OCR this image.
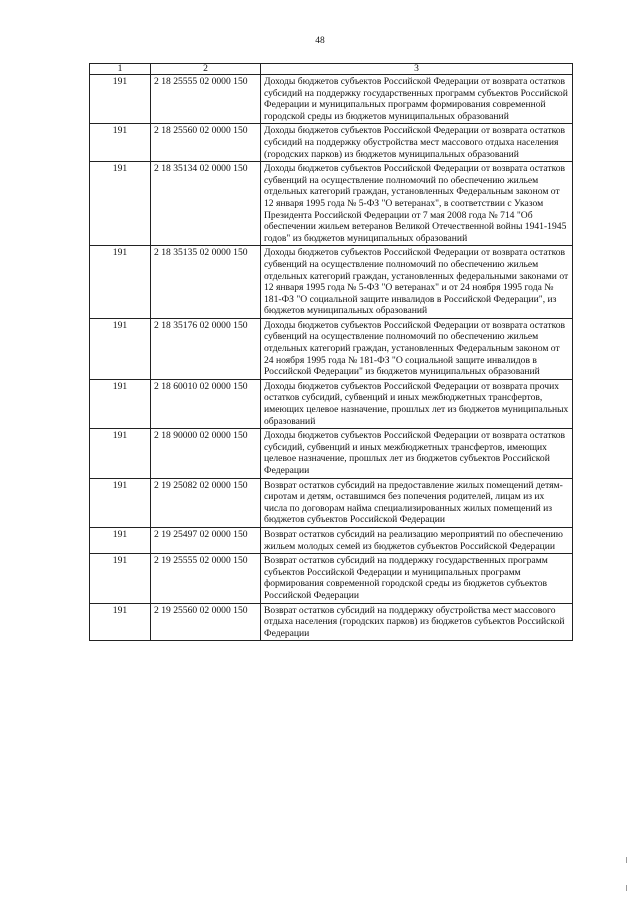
48
1	2	3
191	2 18 25555 02 0000 150	Доходы бюджетов субъектов Российской Федерации от возврата остатков субсидий на поддержку государственных программ субъектов Российской Федерации и муниципальных программ формирования современной городской среды из бюджетов муниципальных образований
191	2 18 25560 02 0000 150	Доходы бюджетов субъектов Российской Федерации от возврата остатков субсидий на поддержку обустройства мест массового отдыха населения (городских парков) из бюджетов муниципальных образований
191	2 18 35134 02 0000 150	Доходы бюджетов субъектов Российской Федерации от возврата остатков субвенций на осуществление полномочий по обеспечению жильем отдельных категорий граждан, установленных Федеральным законом от 12 января 1995 года № 5-ФЗ "О ветеранах", в соответствии с Указом Президента Российской Федерации от 7 мая 2008 года № 714 "Об обеспечении жильем ветеранов Великой Отечественной войны 1941-1945 годов" из бюджетов муниципальных образований
191	2 18 35135 02 0000 150	Доходы бюджетов субъектов Российской Федерации от возврата остатков субвенций на осуществление полномочий по обеспечению жильем отдельных категорий граждан, установленных федеральными законами от 12 января 1995 года № 5-ФЗ "О ветеранах" и от 24 ноября 1995 года № 181-ФЗ "О социальной защите инвалидов в Российской Федерации", из бюджетов муниципальных образований
191	2 18 35176 02 0000 150	Доходы бюджетов субъектов Российской Федерации от возврата остатков субвенций на осуществление полномочий по обеспечению жильем отдельных категорий граждан, установленных Федеральным законом от 24 ноября 1995 года № 181-ФЗ "О социальной защите инвалидов в Российской Федерации" из бюджетов муниципальных образований
191	2 18 60010 02 0000 150	Доходы бюджетов субъектов Российской Федерации от возврата прочих остатков субсидий, субвенций и иных межбюджетных трансфертов, имеющих целевое назначение, прошлых лет из бюджетов муниципальных образований
191	2 18 90000 02 0000 150	Доходы бюджетов субъектов Российской Федерации от возврата остатков субсидий, субвенций и иных межбюджетных трансфертов, имеющих целевое назначение, прошлых лет из бюджетов субъектов Российской Федерации
191	2 19 25082 02 0000 150	Возврат остатков субсидий на предоставление жилых помещений детям-сиротам и детям, оставшимся без попечения родителей, лицам из их числа по договорам найма специализированных жилых помещений из бюджетов субъектов Российской Федерации
191	2 19 25497 02 0000 150	Возврат остатков субсидий на реализацию мероприятий по обеспечению жильем молодых семей из бюджетов субъектов Российской Федерации
191	2 19 25555 02 0000 150	Возврат остатков субсидий на поддержку государственных программ субъектов Российской Федерации и муниципальных программ формирования современной городской среды из бюджетов субъектов Российской Федерации
191	2 19 25560 02 0000 150	Возврат остатков субсидий на поддержку обустройства мест массового отдыха населения (городских парков) из бюджетов субъектов Российской Федерации
